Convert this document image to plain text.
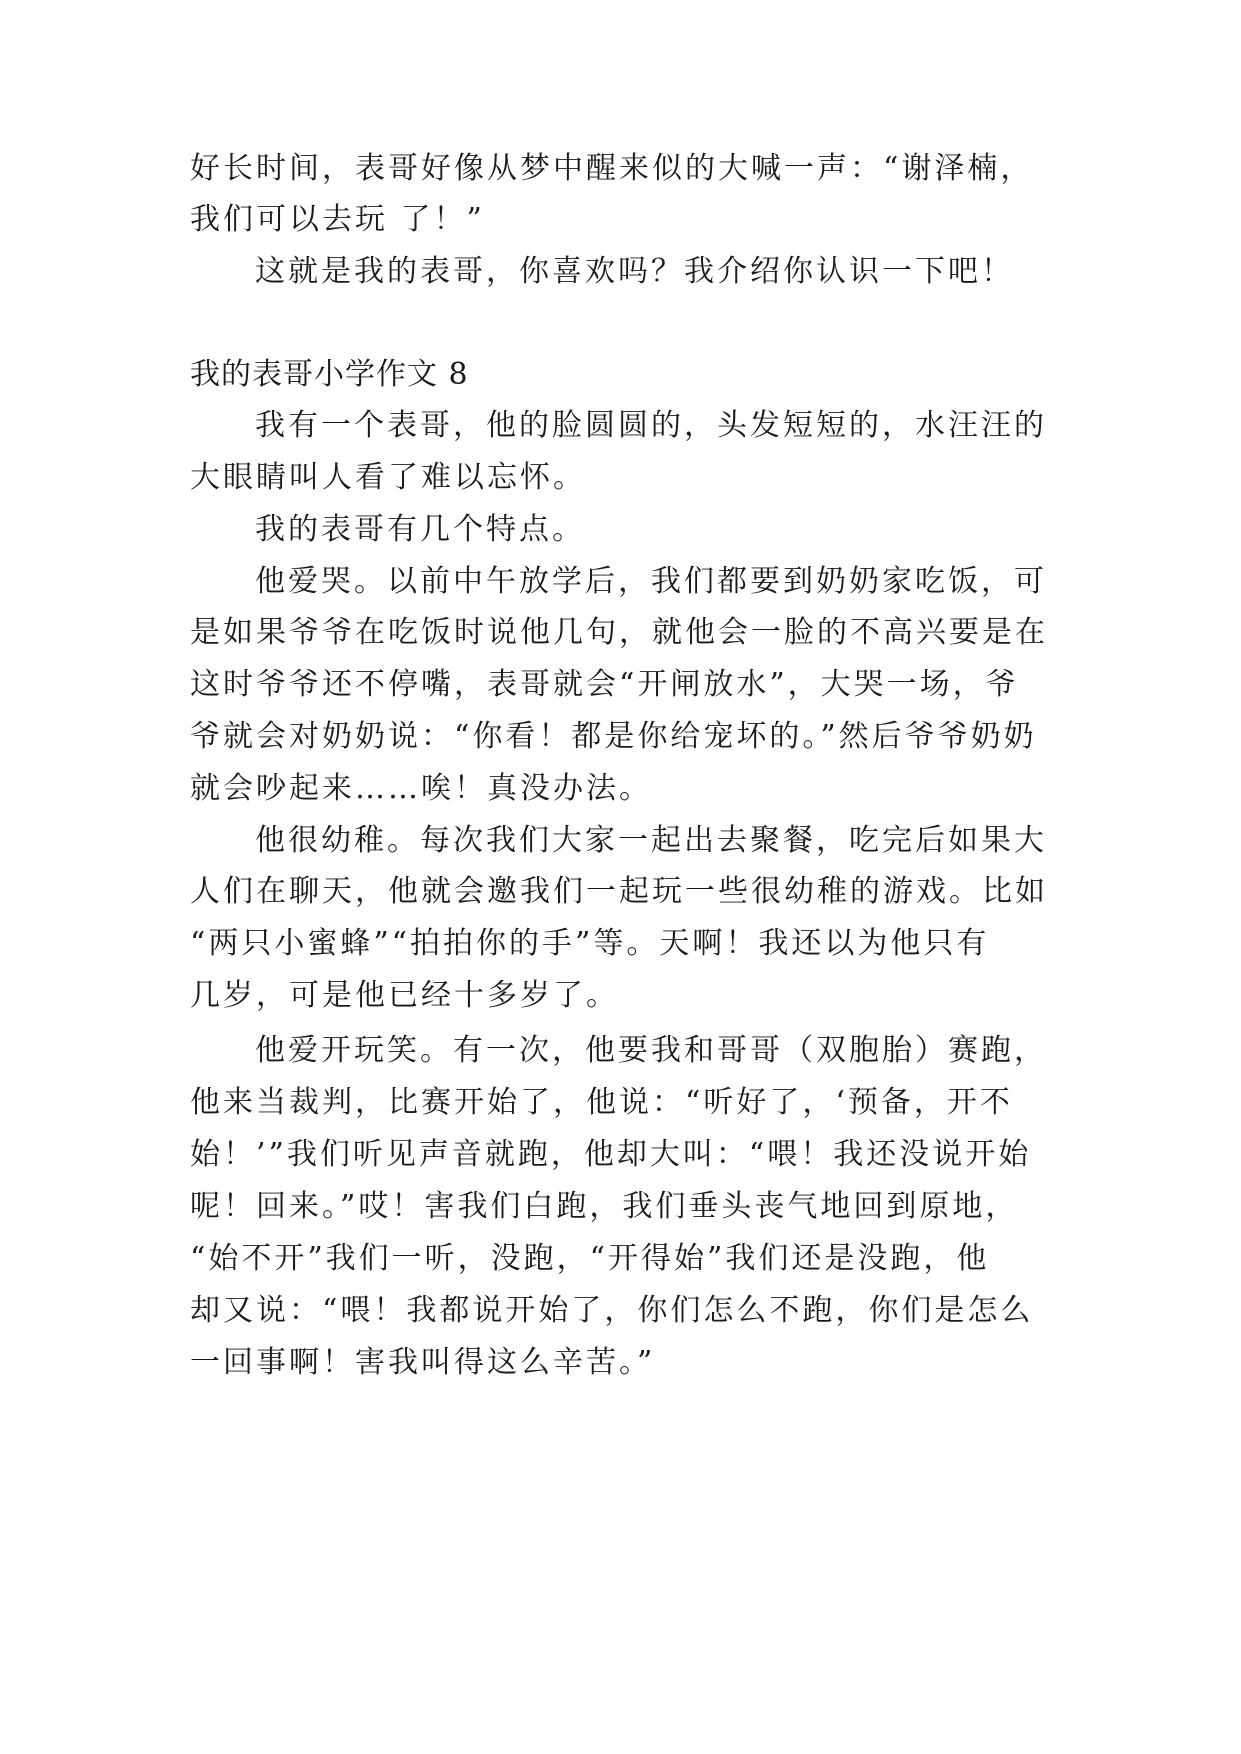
好长时间，表哥好像从梦中醒来似的大喊一声：“谢泽楠，
我们可以去玩 了！”
这就是我的表哥，你喜欢吗？我介绍你认识一下吧！
我的表哥小学作文 8
我有一个表哥，他的脸圆圆的，头发短短的，水汪汪的
大眼睛叫人看了难以忘怀。
我的表哥有几个特点。
他爱哭。以前中午放学后，我们都要到奶奶家吃饭，可
是如果爷爷在吃饭时说他几句，就他会一脸的不高兴要是在
这时爷爷还不停嘴，表哥就会“开闸放水”，大哭一场，爷
爷就会对奶奶说：“你看！都是你给宠坏的。”然后爷爷奶奶
就会吵起来……唉！真没办法。
他很幼稚。每次我们大家一起出去聚餐，吃完后如果大
人们在聊天，他就会邀我们一起玩一些很幼稚的游戏。比如
“两只小蜜蜂”“拍拍你的手”等。天啊！我还以为他只有
几岁，可是他已经十多岁了。
他爱开玩笑。有一次，他要我和哥哥（双胞胎）赛跑，
他来当裁判，比赛开始了，他说：“听好了，‘预备，开不
始！’”我们听见声音就跑，他却大叫：“喂！我还没说开始
呢！回来。”哎！害我们白跑，我们垂头丧气地回到原地，
“始不开”我们一听，没跑，“开得始”我们还是没跑，他
却又说：“喂！我都说开始了，你们怎么不跑，你们是怎么
一回事啊！害我叫得这么辛苦。”
